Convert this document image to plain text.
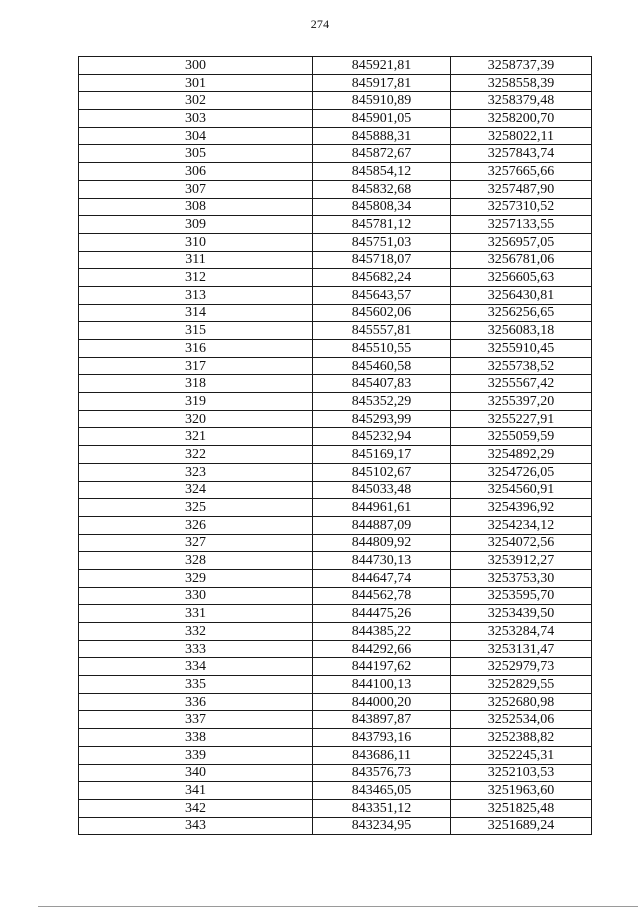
274
300	845921,81	3258737,39
301	845917,81	3258558,39
302	845910,89	3258379,48
303	845901,05	3258200,70
304	845888,31	3258022,11
305	845872,67	3257843,74
306	845854,12	3257665,66
307	845832,68	3257487,90
308	845808,34	3257310,52
309	845781,12	3257133,55
310	845751,03	3256957,05
311	845718,07	3256781,06
312	845682,24	3256605,63
313	845643,57	3256430,81
314	845602,06	3256256,65
315	845557,81	3256083,18
316	845510,55	3255910,45
317	845460,58	3255738,52
318	845407,83	3255567,42
319	845352,29	3255397,20
320	845293,99	3255227,91
321	845232,94	3255059,59
322	845169,17	3254892,29
323	845102,67	3254726,05
324	845033,48	3254560,91
325	844961,61	3254396,92
326	844887,09	3254234,12
327	844809,92	3254072,56
328	844730,13	3253912,27
329	844647,74	3253753,30
330	844562,78	3253595,70
331	844475,26	3253439,50
332	844385,22	3253284,74
333	844292,66	3253131,47
334	844197,62	3252979,73
335	844100,13	3252829,55
336	844000,20	3252680,98
337	843897,87	3252534,06
338	843793,16	3252388,82
339	843686,11	3252245,31
340	843576,73	3252103,53
341	843465,05	3251963,60
342	843351,12	3251825,48
343	843234,95	3251689,24
